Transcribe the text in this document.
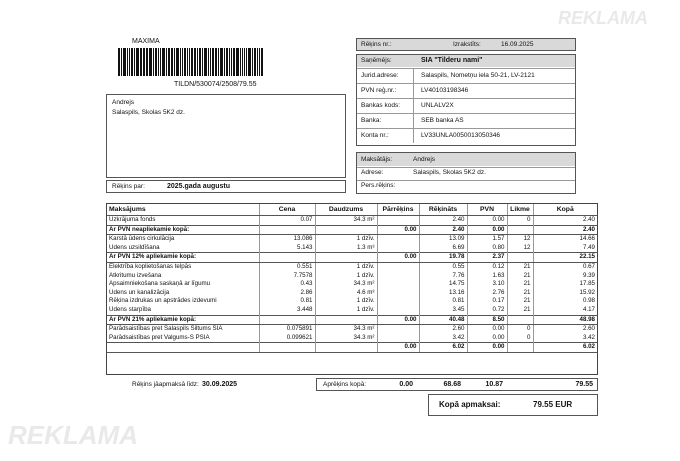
REKLAMA
REKLAMA
MAXIMA
TILDN/530074/2508/79.55
Rēķins nr.:	Izrakstīts:	16.09.2025
Saņēmējs:	SIA "Tilderu nami"
Jurid.adrese:	Salaspils, Nometņu iela 50-21, LV-2121
PVN reģ.nr.:	LV40103198346
Bankas kods:	UNLALV2X
Banka:	SEB banka AS
Konta nr.:	LV33UNLA0050013050346
Andrejs
Salaspils, Skolas 5K2 dz.
Rēķins par:	2025.gada augustu
Maksātājs:	Andrejs
Adrese:	Salaspils, Skolas 5K2 dz.
Pers.rēķins:
Maksājums	Cena	Daudzums	Pārrēķins	Rēķināts	PVN	Likme	Kopā
Uzkrājuma fonds	0.07	34.3 m²		2.40	0.00	0	2.40
Ar PVN neapliekamie kopā:			0.00	2.40	0.00		2.40
Karstā ūdens cirkulācija	13.086	1 dzīv.		13.09	1.57	12	14.66
Ūdens uzsildīšana	5.143	1.3 m³		6.69	0.80	12	7.49
Ar PVN 12% apliekamie kopā:			0.00	19.78	2.37		22.15
Elektrība koplietošanas telpās	0.551	1 dzīv.		0.55	0.12	21	0.67
Atkritumu izvešana	7.7578	1 dzīv.		7.76	1.63	21	9.39
Apsaimniekošana saskaņā ar līgumu	0.43	34.3 m²		14.75	3.10	21	17.85
Ūdens un kanalizācija	2.86	4.6 m³		13.16	2.76	21	15.92
Rēķina izdrukas un apstrādes izdevumi	0.81	1 dzīv.		0.81	0.17	21	0.98
Ūdens starpība	3.448	1 dzīv.		3.45	0.72	21	4.17
Ar PVN 21% apliekamie kopā:			0.00	40.48	8.50		48.98
Parādsaistības pret Salaspils Siltums SIA	0.075891	34.3 m²		2.60	0.00	0	2.60
Parādsaistības pret Valgums-S PSIA	0.099621	34.3 m²		3.42	0.00	0	3.42
			0.00	6.02	0.00		6.02
Rēķins jāapmaksā līdz: 30.09.2025	Aprēķins kopā:	0.00	68.68	10.87	79.55
Kopā apmaksai:	79.55 EUR
